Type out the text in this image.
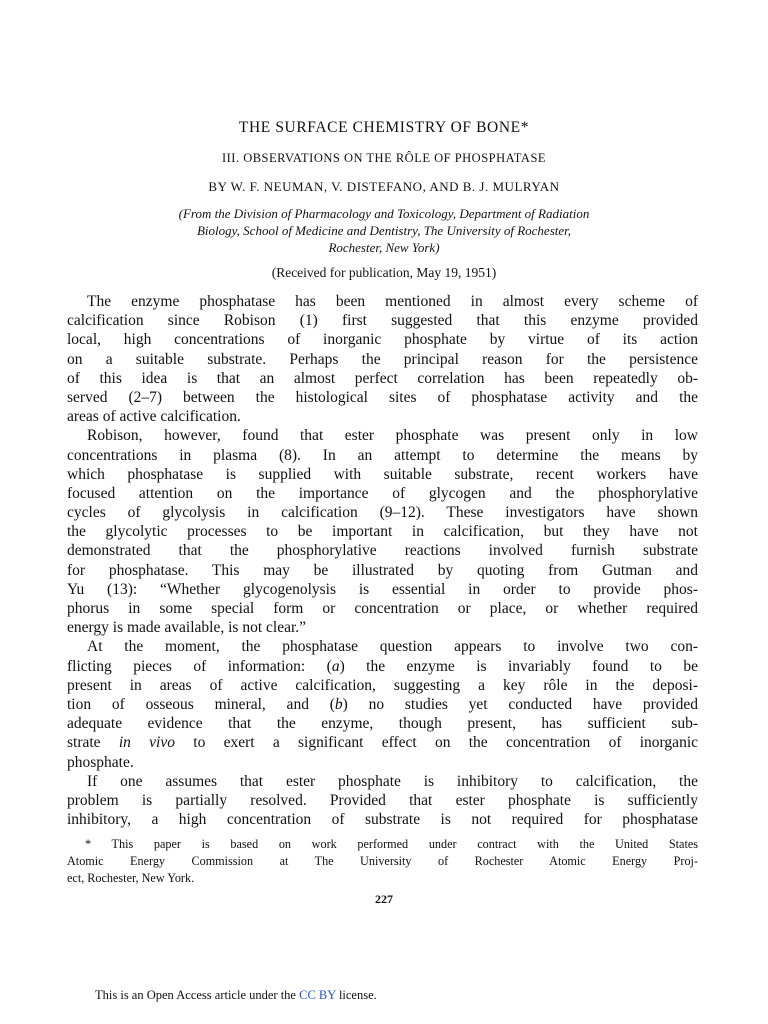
THE SURFACE CHEMISTRY OF BONE*
III. OBSERVATIONS ON THE RÔLE OF PHOSPHATASE
BY W. F. NEUMAN, V. DISTEFANO, AND B. J. MULRYAN
(From the Division of Pharmacology and Toxicology, Department of Radiation
Biology, School of Medicine and Dentistry, The University of Rochester,
Rochester, New York)
(Received for publication, May 19, 1951)
The enzyme phosphatase has been mentioned in almost every scheme of
calcification since Robison (1) first suggested that this enzyme provided
local, high concentrations of inorganic phosphate by virtue of its action
on a suitable substrate. Perhaps the principal reason for the persistence
of this idea is that an almost perfect correlation has been repeatedly ob-
served (2–7) between the histological sites of phosphatase activity and the
areas of active calcification.
Robison, however, found that ester phosphate was present only in low
concentrations in plasma (8). In an attempt to determine the means by
which phosphatase is supplied with suitable substrate, recent workers have
focused attention on the importance of glycogen and the phosphorylative
cycles of glycolysis in calcification (9–12). These investigators have shown
the glycolytic processes to be important in calcification, but they have not
demonstrated that the phosphorylative reactions involved furnish substrate
for phosphatase. This may be illustrated by quoting from Gutman and
Yu (13): “Whether glycogenolysis is essential in order to provide phos-
phorus in some special form or concentration or place, or whether required
energy is made available, is not clear.”
At the moment, the phosphatase question appears to involve two con-
flicting pieces of information: (a) the enzyme is invariably found to be
present in areas of active calcification, suggesting a key rôle in the deposi-
tion of osseous mineral, and (b) no studies yet conducted have provided
adequate evidence that the enzyme, though present, has sufficient sub-
strate in vivo to exert a significant effect on the concentration of inorganic
phosphate.
If one assumes that ester phosphate is inhibitory to calcification, the
problem is partially resolved. Provided that ester phosphate is sufficiently
inhibitory, a high concentration of substrate is not required for phosphatase
* This paper is based on work performed under contract with the United States
Atomic Energy Commission at The University of Rochester Atomic Energy Proj-
ect, Rochester, New York.
227
This is an Open Access article under the CC BY license.
